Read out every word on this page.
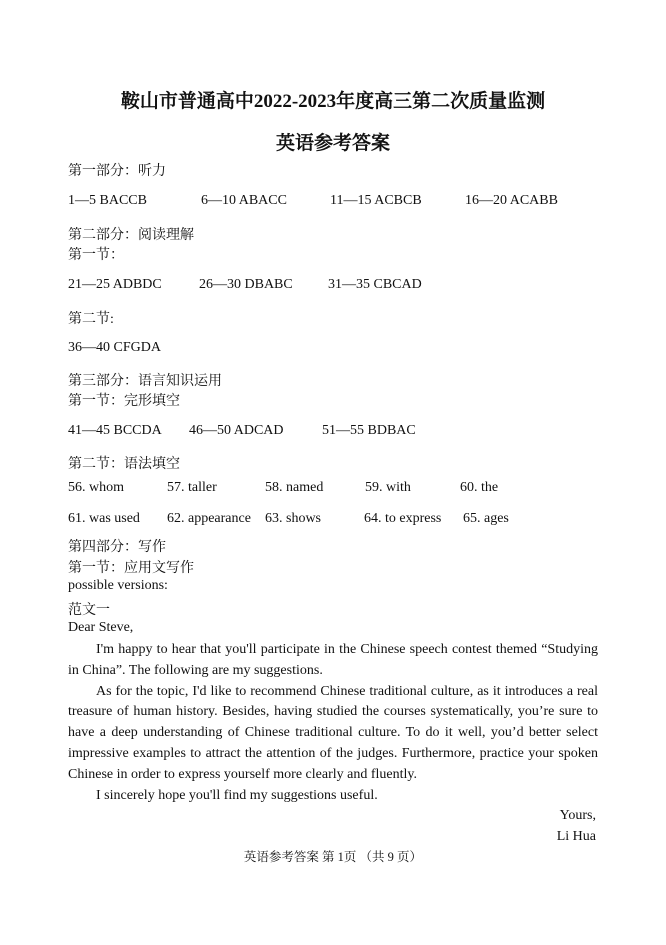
鞍山市普通高中2022-2023年度高三第二次质量监测
英语参考答案
第一部分：听力
1—5 BACCB	6—10 ABACC	11—15 ACBCB	16—20 ACABB
第二部分：阅读理解
第一节：
21—25 ADBDC	26—30 DBABC	31—35 CBCAD
第二节:
36—40 CFGDA
第三部分：语言知识运用
第一节：完形填空
41—45 BCCDA 46—50 ADCAD	51—55 BDBAC
第二节：语法填空
56. whom	57. taller	58. named	59. with	60. the
61. was used 62. appearance 63. shows	64. to express 65. ages
第四部分：写作
第一节：应用文写作
possible versions:
范文一
Dear Steve,

I'm happy to hear that you'll participate in the Chinese speech contest themed “Studying in China”. The following are my suggestions.

As for the topic, I'd like to recommend Chinese traditional culture, as it introduces a real treasure of human history. Besides, having studied the courses systematically, you’re sure to have a deep understanding of Chinese traditional culture. To do it well, you’d better select impressive examples to attract the attention of the judges. Furthermore, practice your spoken Chinese in order to express yourself more clearly and fluently.

I sincerely hope you'll find my suggestions useful.

Yours,
Li Hua
英语参考答案 第 1页 （共 9 页）
